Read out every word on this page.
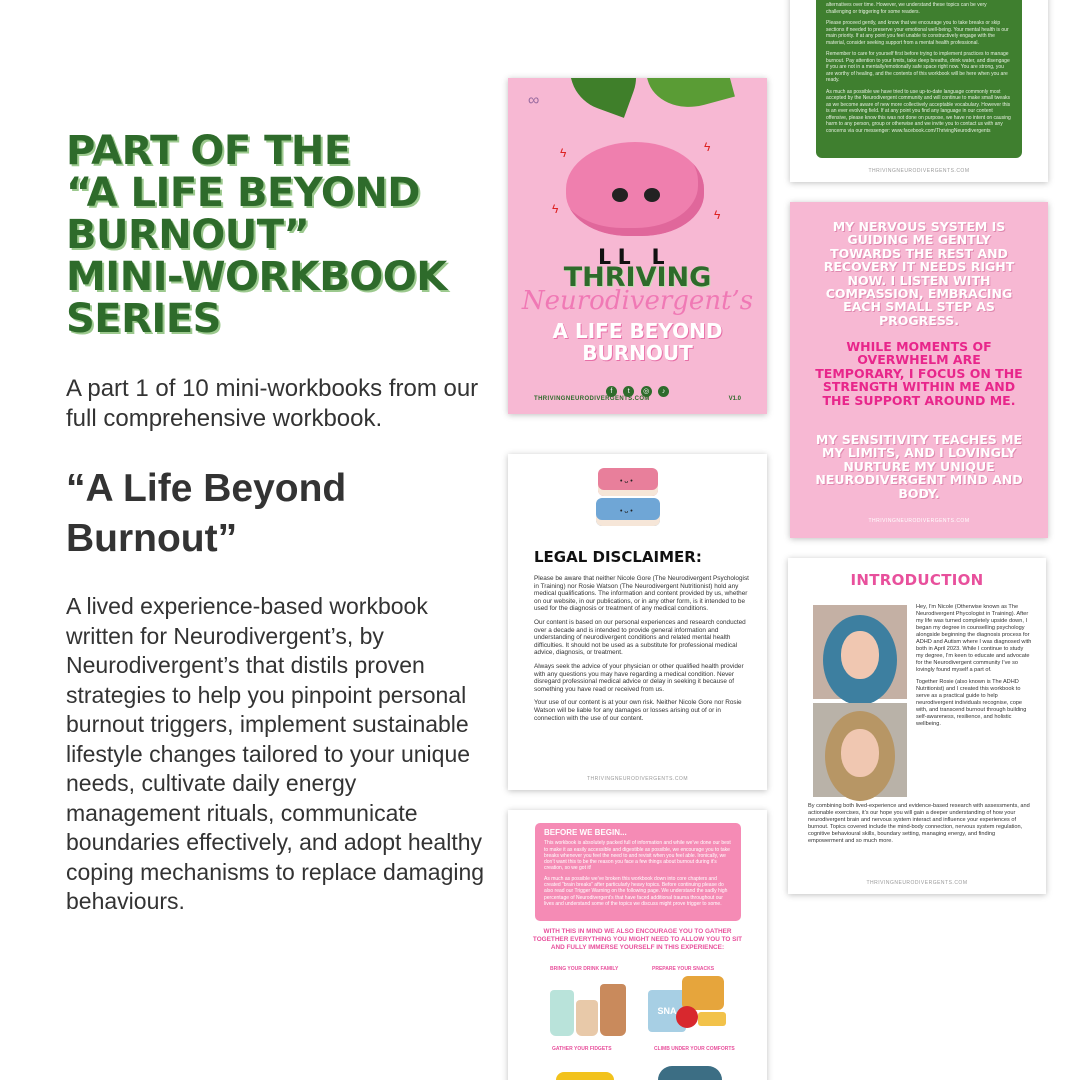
PART OF THE
“A LIFE BEYOND
BURNOUT”
MINI-WORKBOOK
SERIES

A part 1 of 10 mini-workbooks from our full comprehensive workbook.

“A Life Beyond Burnout”

A lived experience-based workbook written for Neurodivergent’s, by Neurodivergent’s that distils proven strategies to help you pinpoint personal burnout triggers, implement sustainable lifestyle changes tailored to your unique needs, cultivate daily energy management rituals, communicate boundaries effectively, and adopt healthy coping mechanisms to replace damaging behaviours.

alternatives over time. However, we understand these topics can be very challenging or triggering for some readers.

Please proceed gently, and know that we encourage you to take breaks or skip sections if needed to preserve your emotional well-being. Your mental health is our main priority. If at any point you feel unable to constructively engage with the material, consider seeking support from a mental health professional.

Remember to care for yourself first before trying to implement practices to manage burnout. Pay attention to your limits, take deep breaths, drink water, and disengage if you are not in a mentally/emotionally safe space right now. You are strong, you are worthy of healing, and the contents of this workbook will be here when you are ready.

As much as possible we have tried to use up-to-date language commonly most accepted by the Neurodivergent community and will continue to make small tweaks as we become aware of new more collectively acceptable vocabulary. However this is an ever evolving field. If at any point you find any language in our content offensive, please know this was not done on purpose, we have no intent on causing harm to any person, group or otherwise and we invite you to contact us with any concerns via our messenger: www.facebook.com/ThrivingNeurodivergents

THRIVINGNEURODIVERGENTS.COM
∞
ϟ	ϟ
ϟ	ϟ
ʟʟ ʟ
THRIVING
Neurodivergent’s
A LIFE BEYOND
BURNOUT
f t ◎ ♪
THRIVINGNEURODIVERGENTS.COM	V1.0
MY NERVOUS SYSTEM IS GUIDING ME GENTLY TOWARDS THE REST AND RECOVERY IT NEEDS RIGHT NOW. I LISTEN WITH COMPASSION, EMBRACING EACH SMALL STEP AS PROGRESS.
WHILE MOMENTS OF OVERWHELM ARE TEMPORARY, I FOCUS ON THE STRENGTH WITHIN ME AND THE SUPPORT AROUND ME.
MY SENSITIVITY TEACHES ME MY LIMITS, AND I LOVINGLY NURTURE MY UNIQUE NEURODIVERGENT MIND AND BODY.
THRIVINGNEURODIVERGENTS.COM
• ᴗ •
• ᴗ •
LEGAL DISCLAIMER:

Please be aware that neither Nicole Gore (The Neurodivergent Psychologist in Training) nor Rosie Watson (The Neurodivergent Nutritionist) hold any medical qualifications. The information and content provided by us, whether on our website, in our publications, or in any other form, is it intended to be used for the diagnosis or treatment of any medical conditions.

Our content is based on our personal experiences and research conducted over a decade and is intended to provide general information and understanding of neurodivergent conditions and related mental health difficulties. It should not be used as a substitute for professional medical advice, diagnosis, or treatment.

Always seek the advice of your physician or other qualified health provider with any questions you may have regarding a medical condition. Never disregard professional medical advice or delay in seeking it because of something you have read or received from us.

Your use of our content is at your own risk. Neither Nicole Gore nor Rosie Watson will be liable for any damages or losses arising out of or in connection with the use of our content.

THRIVINGNEURODIVERGENTS.COM
INTRODUCTION

Hey, I’m Nicole (Otherwise known as The Neurodivergent Phycologist in Training). After my life was turned completely upside down, I began my degree in counselling psychology alongside beginning the diagnosis process for ADHD and Autism where I was diagnosed with both in April 2023. While I continue to study my degree, I’m keen to educate and advocate for the Neurodivergent community I’ve so lovingly found myself a part of.

Together Rosie (also known is The ADHD Nutritionist) and I created this workbook to serve as a practical guide to help neurodivergent individuals recognise, cope with, and transcend burnout through building self-awareness, resilience, and holistic wellbeing.

By combining both lived-experience and evidence-based research with assessments, and actionable exercises, it’s our hope you will gain a deeper understanding of how your neurodivergent brain and nervous system interact and influence your experiences of burnout. Topics covered include the mind-body connection, nervous system regulation, cognitive behavioural skills, boundary setting, managing energy, and finding empowerment and so much more.
THRIVINGNEURODIVERGENTS.COM
BEFORE WE BEGIN...

This workbook is absolutely packed full of information and while we’ve done our best to make it as easily accessible and digestible as possible, we encourage you to take breaks whenever you feel the need to and revisit when you feel able. Ironically, we don’t want this to be the reason you face a few things about burnout during it’s creation, so we got it!

As much as possible we’ve broken this workbook down into core chapters and created “brain breaks” after particularly heavy topics. Before continuing please do also read our Trigger Warning on the following page. We understand the sadly high percentage of Neurodivergent’s that have faced additional trauma throughout our lives and understand some of the topics we discuss might prove trigger to some.

WITH THIS IN MIND WE ALSO ENCOURAGE YOU TO GATHER TOGETHER EVERYTHING YOU MIGHT NEED TO ALLOW YOU TO SIT AND FULLY IMMERSE YOURSELF IN THIS EXPERIENCE:
BRING YOUR DRINK FAMILY	PREPARE YOUR SNACKS
SNA
GATHER YOUR FIDGETS	CLIMB UNDER YOUR COMFORTS
